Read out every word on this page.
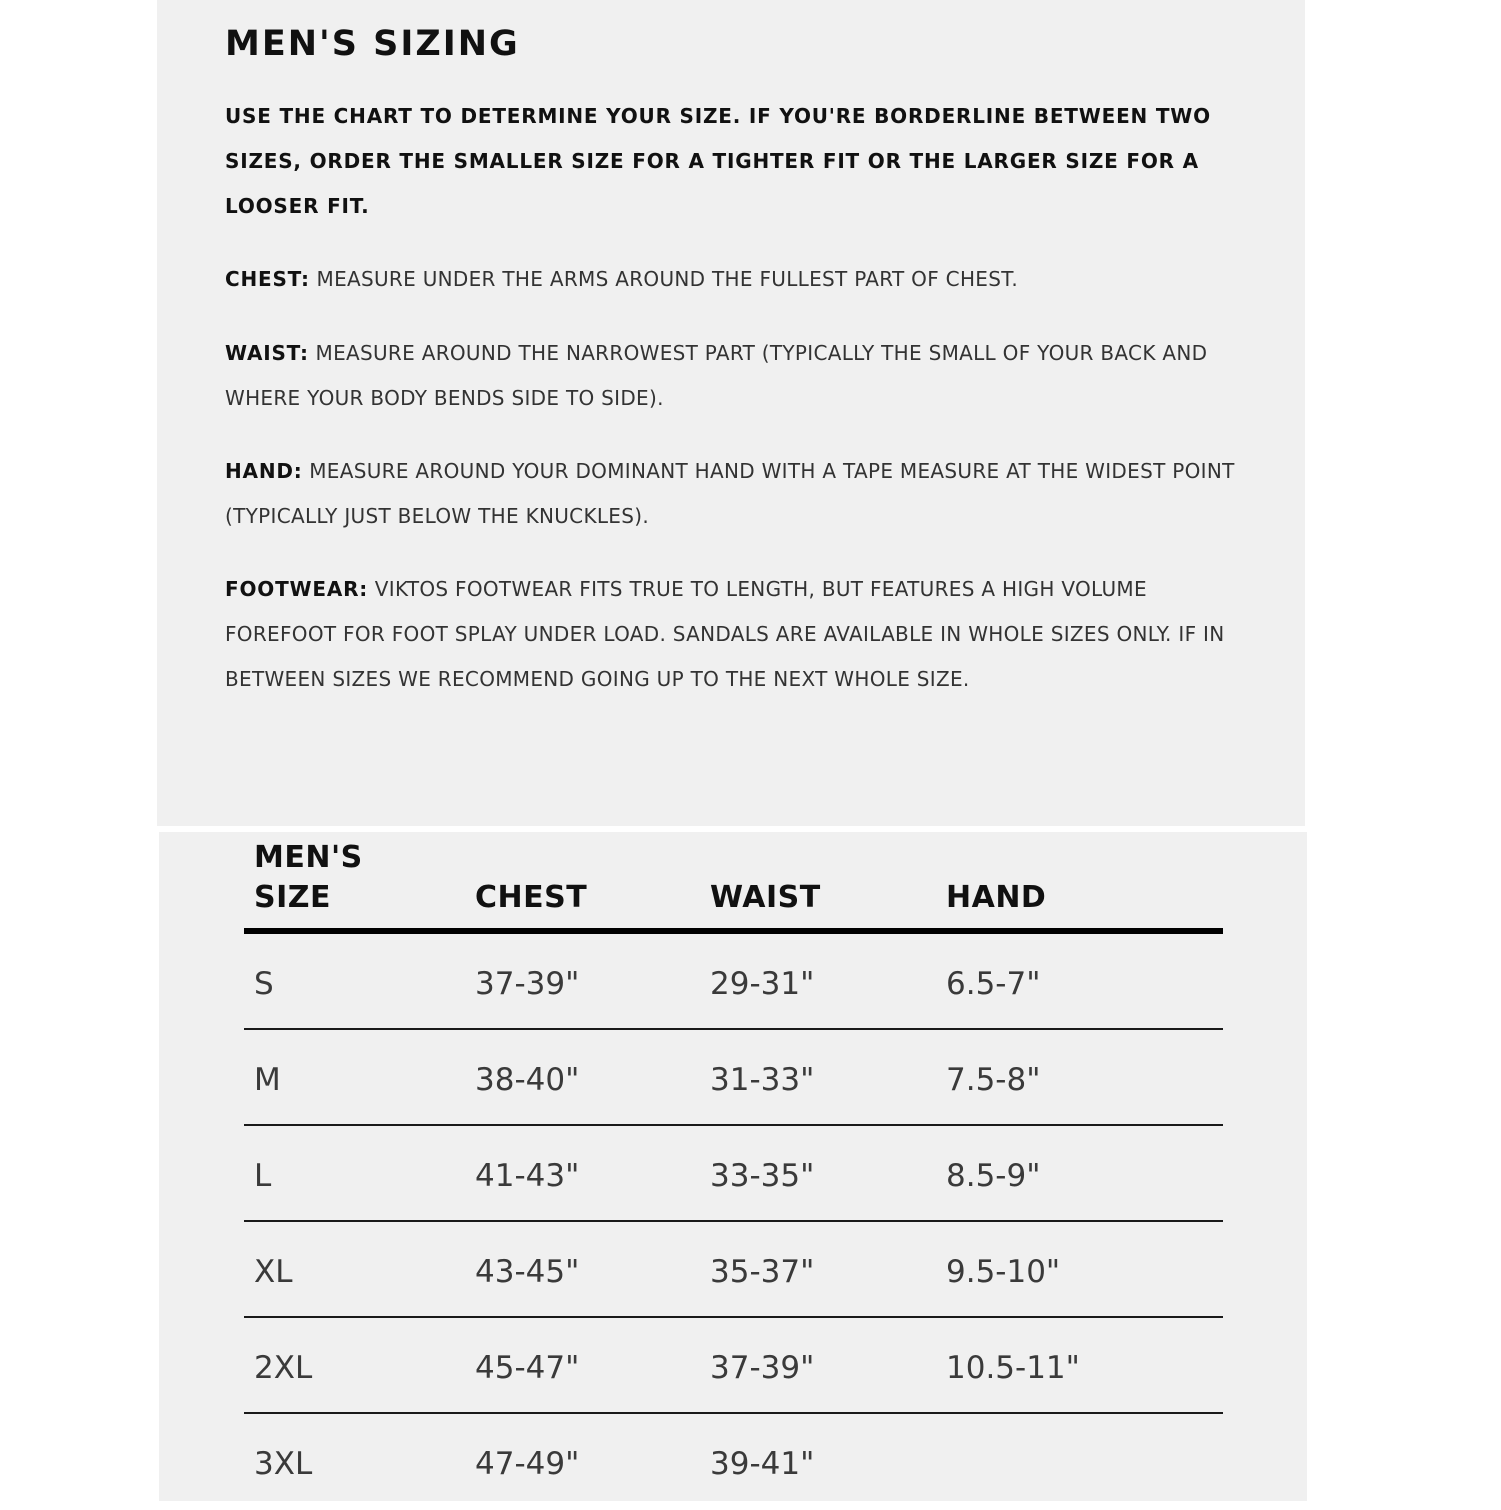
MEN'S SIZING

USE THE CHART TO DETERMINE YOUR SIZE. IF YOU'RE BORDERLINE BETWEEN TWO SIZES, ORDER THE SMALLER SIZE FOR A TIGHTER FIT OR THE LARGER SIZE FOR A LOOSER FIT.

CHEST: MEASURE UNDER THE ARMS AROUND THE FULLEST PART OF CHEST.

WAIST: MEASURE AROUND THE NARROWEST PART (TYPICALLY THE SMALL OF YOUR BACK AND WHERE YOUR BODY BENDS SIDE TO SIDE).

HAND: MEASURE AROUND YOUR DOMINANT HAND WITH A TAPE MEASURE AT THE WIDEST POINT (TYPICALLY JUST BELOW THE KNUCKLES).

FOOTWEAR: VIKTOS FOOTWEAR FITS TRUE TO LENGTH, BUT FEATURES A HIGH VOLUME FOREFOOT FOR FOOT SPLAY UNDER LOAD. SANDALS ARE AVAILABLE IN WHOLE SIZES ONLY. IF IN BETWEEN SIZES WE RECOMMEND GOING UP TO THE NEXT WHOLE SIZE.

MEN'S SIZE	CHEST	WAIST	HAND
S	37-39"	29-31"	6.5-7"
M	38-40"	31-33"	7.5-8"
L	41-43"	33-35"	8.5-9"
XL	43-45"	35-37"	9.5-10"
2XL	45-47"	37-39"	10.5-11"
3XL	47-49"	39-41"
